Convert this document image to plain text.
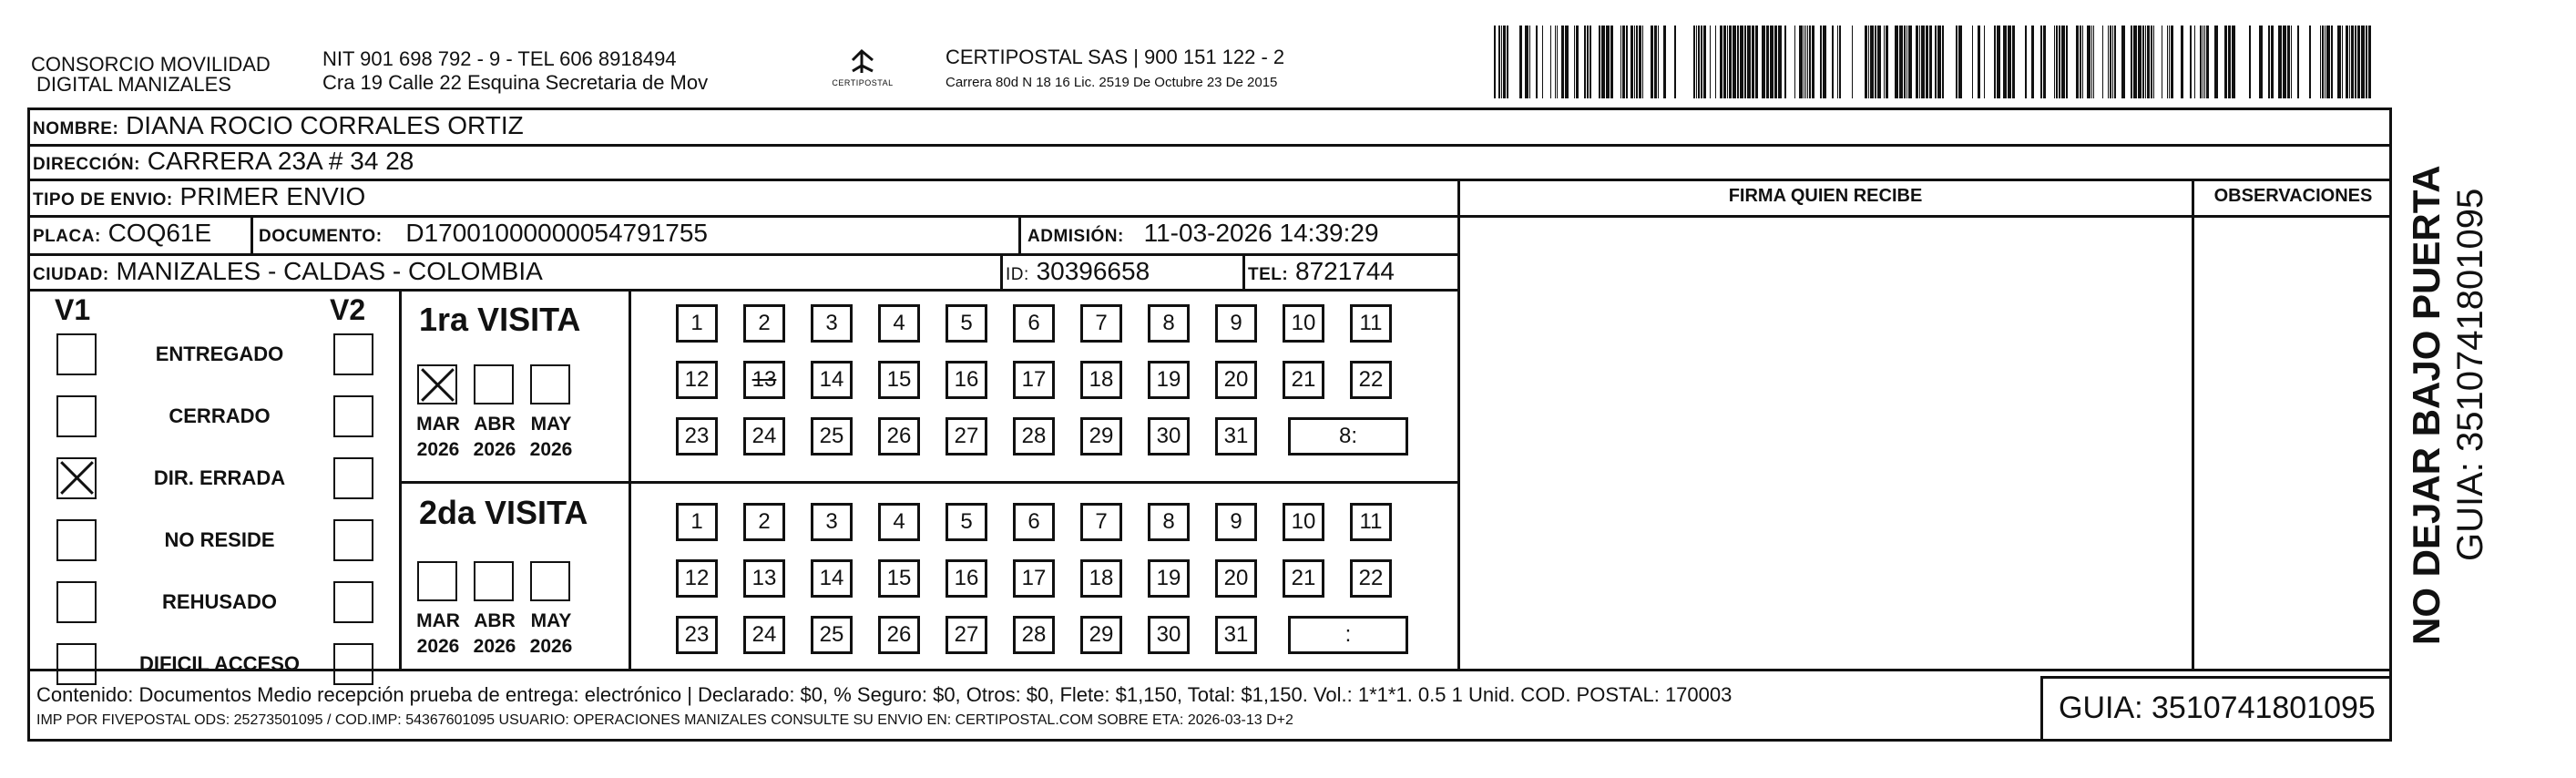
CONSORCIO MOVILIDAD
DIGITAL MANIZALES
NIT 901 698 792 - 9 - TEL 606 8918494
Cra 19 Calle 22 Esquina Secretaria de Mov	CERTIPOSTAL
CERTIPOSTAL SAS | 900 151 122 - 2
Carrera 80d N 18 16 Lic. 2519 De Octubre 23 De 2015
FIRMA QUIEN RECIBE	OBSERVACIONES
NOMBRE: DIANA ROCIO CORRALES ORTIZ
DIRECCIÓN: CARRERA 23A # 34 28
TIPO DE ENVIO: PRIMER ENVIO
PLACA: COQ61E	DOCUMENTO: D17001000000054791755	ADMISIÓN: 11-03-2026 14:39:29
CIUDAD: MANIZALES - CALDAS - COLOMBIA	ID: 30396658	TEL: 8721744
V1	V2
ENTREGADO
CERRADO
DIR. ERRADA
NO RESIDE
REHUSADO
DIFICIL ACCESO
1ra VISITA
2da VISITA
MAR
2026
ABR
2026
MAY
2026
MAR
2026
ABR
2026
MAY
2026
1	2	3	4	5	6	7	8	9	10	11
12	13	14	15	16	17	18	19	20	21	22
23	24	25	26	27	28	29	30	31	8:
1	2	3	4	5	6	7	8	9	10	11
12	13	14	15	16	17	18	19	20	21	22
23	24	25	26	27	28	29	30	31	:
Contenido: Documentos Medio recepción prueba de entrega: electrónico | Declarado: $0, % Seguro: $0, Otros: $0, Flete: $1,150, Total: $1,150. Vol.: 1*1*1. 0.5 1 Unid. COD. POSTAL: 170003
IMP POR FIVEPOSTAL ODS: 25273501095 / COD.IMP: 54367601095 USUARIO: OPERACIONES MANIZALES CONSULTE SU ENVIO EN: CERTIPOSTAL.COM SOBRE ETA: 2026-03-13 D+2	GUIA: 3510741801095
NO DEJAR BAJO PUERTA GUIA: 3510741801095
